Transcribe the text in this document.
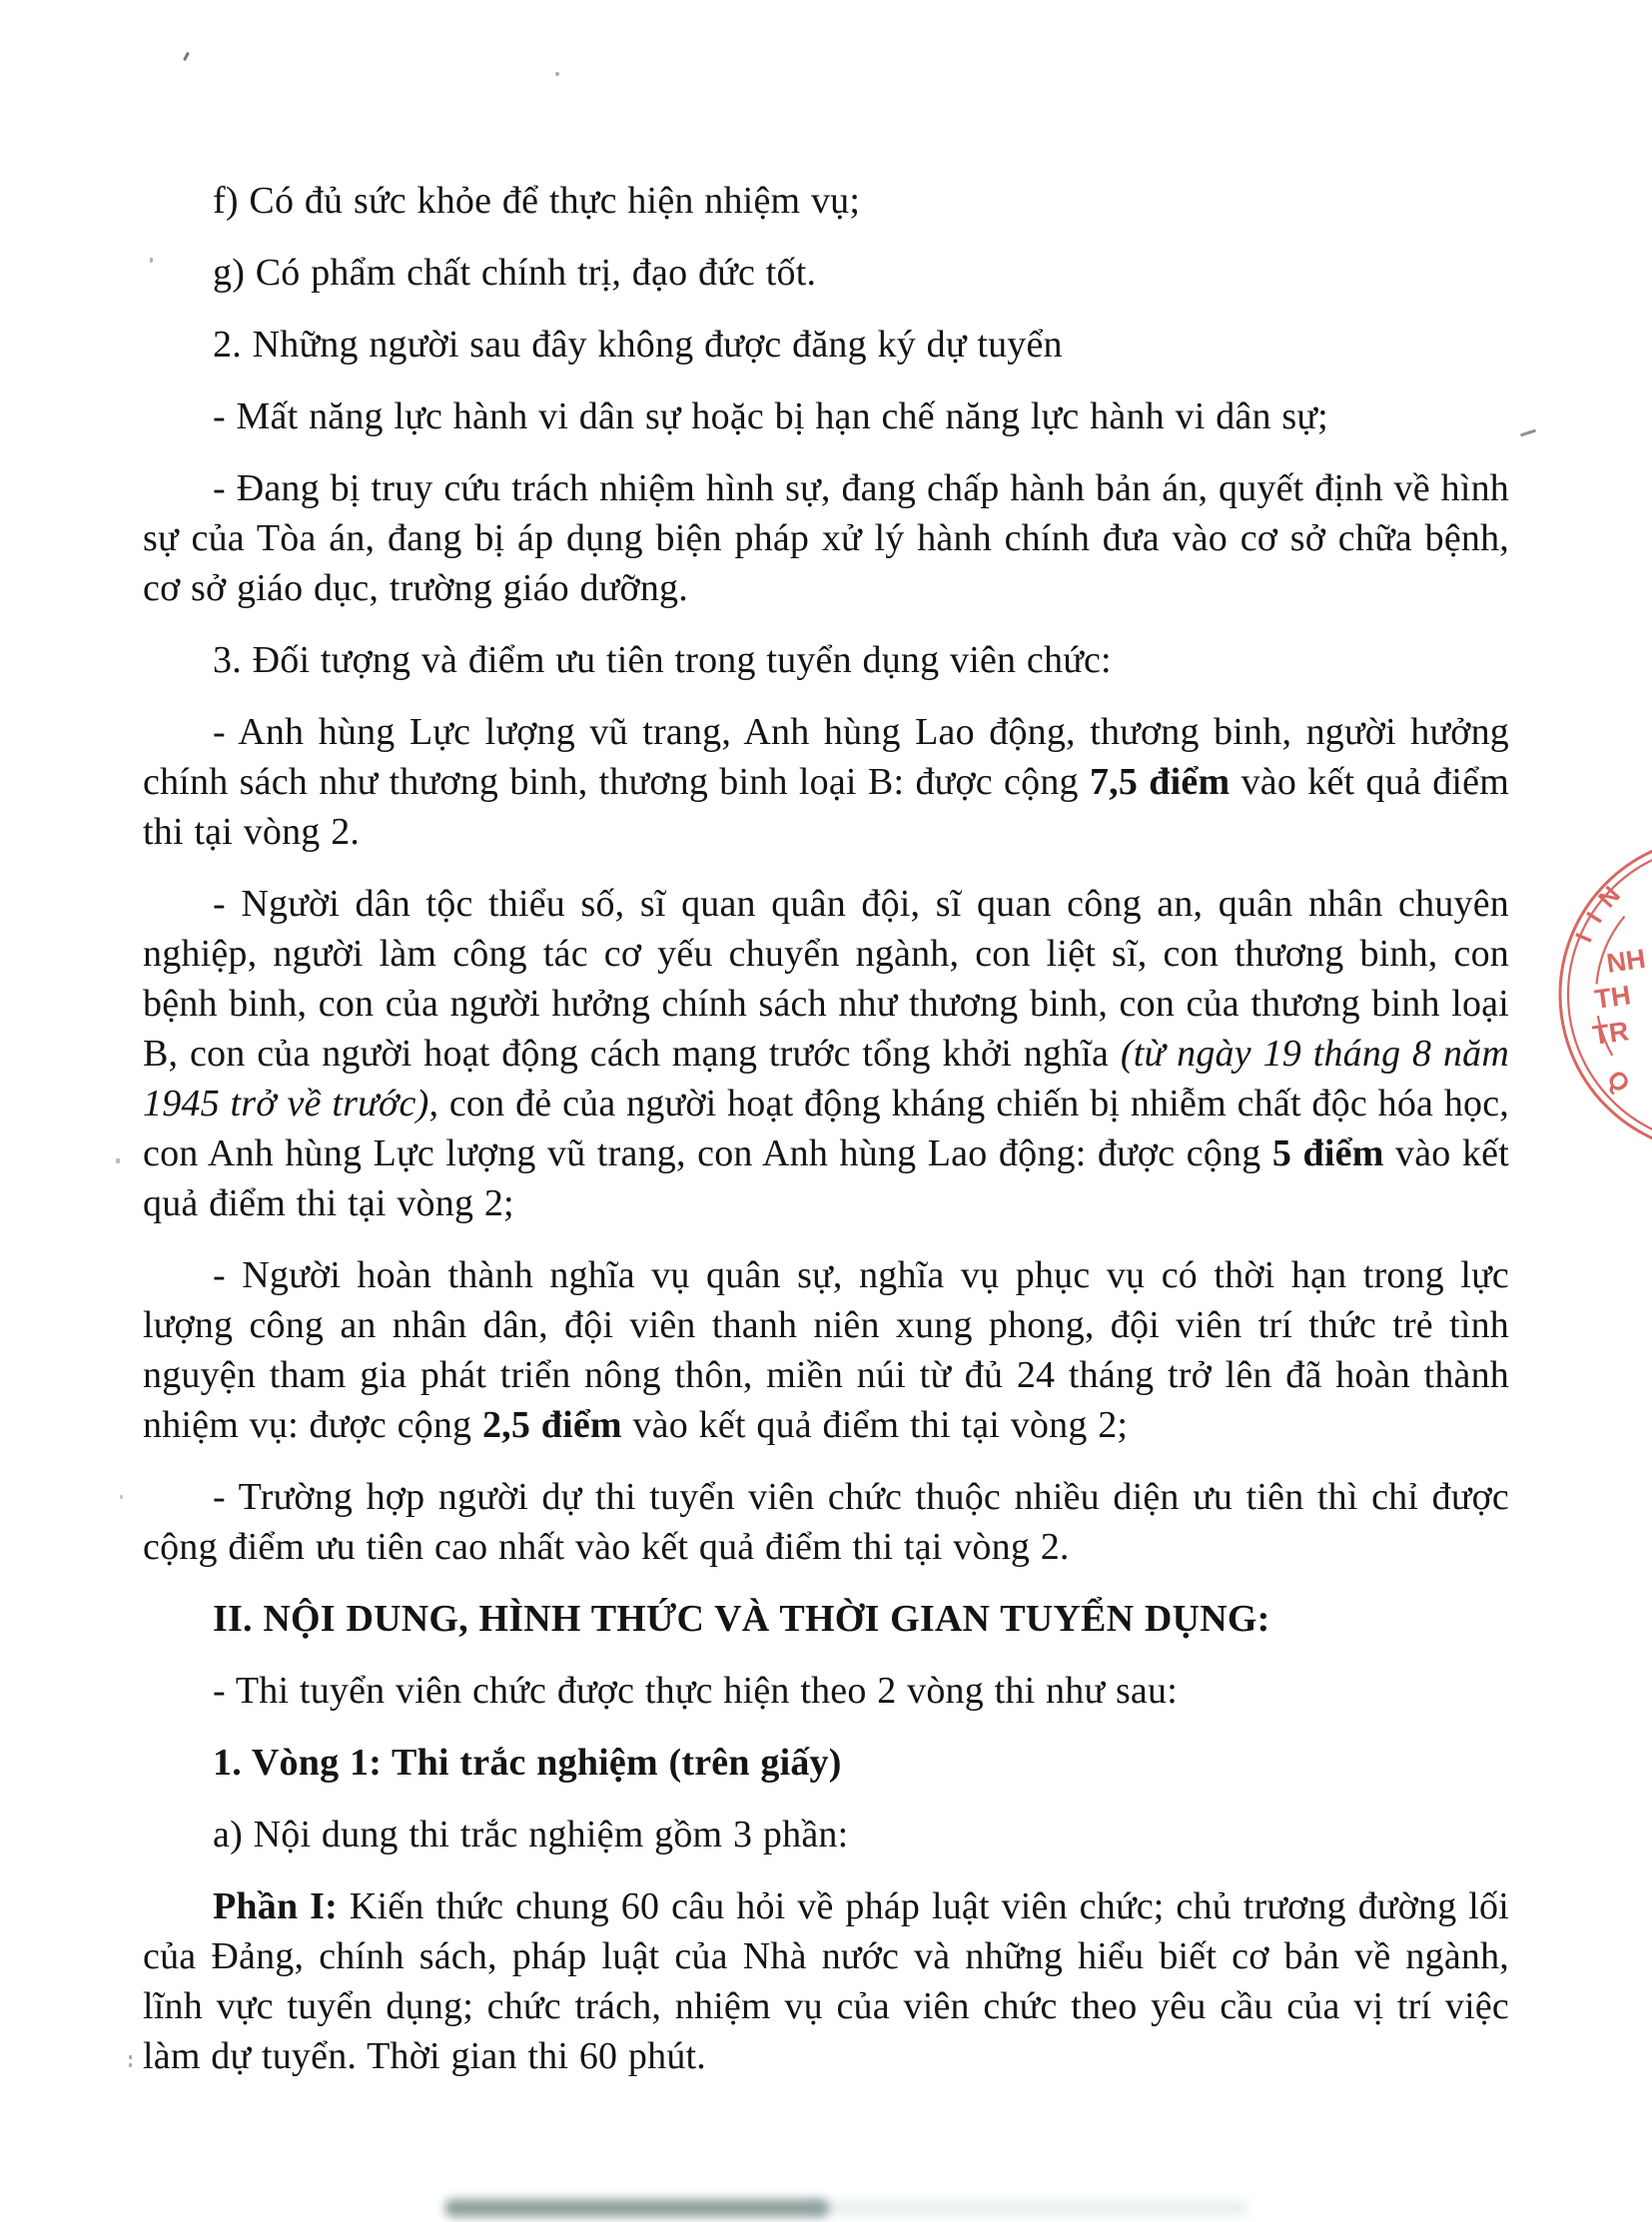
f) Có đủ sức khỏe để thực hiện nhiệm vụ;

g) Có phẩm chất chính trị, đạo đức tốt.

2. Những người sau đây không được đăng ký dự tuyển

- Mất năng lực hành vi dân sự hoặc bị hạn chế năng lực hành vi dân sự;

- Đang bị truy cứu trách nhiệm hình sự, đang chấp hành bản án, quyết định về hình sự của Tòa án, đang bị áp dụng biện pháp xử lý hành chính đưa vào cơ sở chữa bệnh, cơ sở giáo dục, trường giáo dưỡng.

3. Đối tượng và điểm ưu tiên trong tuyển dụng viên chức:

- Anh hùng Lực lượng vũ trang, Anh hùng Lao động, thương binh, người hưởng chính sách như thương binh, thương binh loại B: được cộng 7,5 điểm vào kết quả điểm thi tại vòng 2.

- Người dân tộc thiểu số, sĩ quan quân đội, sĩ quan công an, quân nhân chuyên nghiệp, người làm công tác cơ yếu chuyển ngành, con liệt sĩ, con thương binh, con bệnh binh, con của người hưởng chính sách như thương binh, con của thương binh loại B, con của người hoạt động cách mạng trước tổng khởi nghĩa (từ ngày 19 tháng 8 năm 1945 trở về trước), con đẻ của người hoạt động kháng chiến bị nhiễm chất độc hóa học, con Anh hùng Lực lượng vũ trang, con Anh hùng Lao động: được cộng 5 điểm vào kết quả điểm thi tại vòng 2;

- Người hoàn thành nghĩa vụ quân sự, nghĩa vụ phục vụ có thời hạn trong lực lượng công an nhân dân, đội viên thanh niên xung phong, đội viên trí thức trẻ tình nguyện tham gia phát triển nông thôn, miền núi từ đủ 24 tháng trở lên đã hoàn thành nhiệm vụ: được cộng 2,5 điểm vào kết quả điểm thi tại vòng 2;

- Trường hợp người dự thi tuyển viên chức thuộc nhiều diện ưu tiên thì chỉ được cộng điểm ưu tiên cao nhất vào kết quả điểm thi tại vòng 2.

II. NỘI DUNG, HÌNH THỨC VÀ THỜI GIAN TUYỂN DỤNG:

- Thi tuyển viên chức được thực hiện theo 2 vòng thi như sau:

1. Vòng 1: Thi trắc nghiệm (trên giấy)

a) Nội dung thi trắc nghiệm gồm 3 phần:

Phần I: Kiến thức chung 60 câu hỏi về pháp luật viên chức; chủ trương đường lối của Đảng, chính sách, pháp luật của Nhà nước và những hiểu biết cơ bản về ngành, lĩnh vực tuyển dụng; chức trách, nhiệm vụ của viên chức theo yêu cầu của vị trí việc làm dự tuyển. Thời gian thi 60 phút.

N
I
I
NH
TH
TR
Q
